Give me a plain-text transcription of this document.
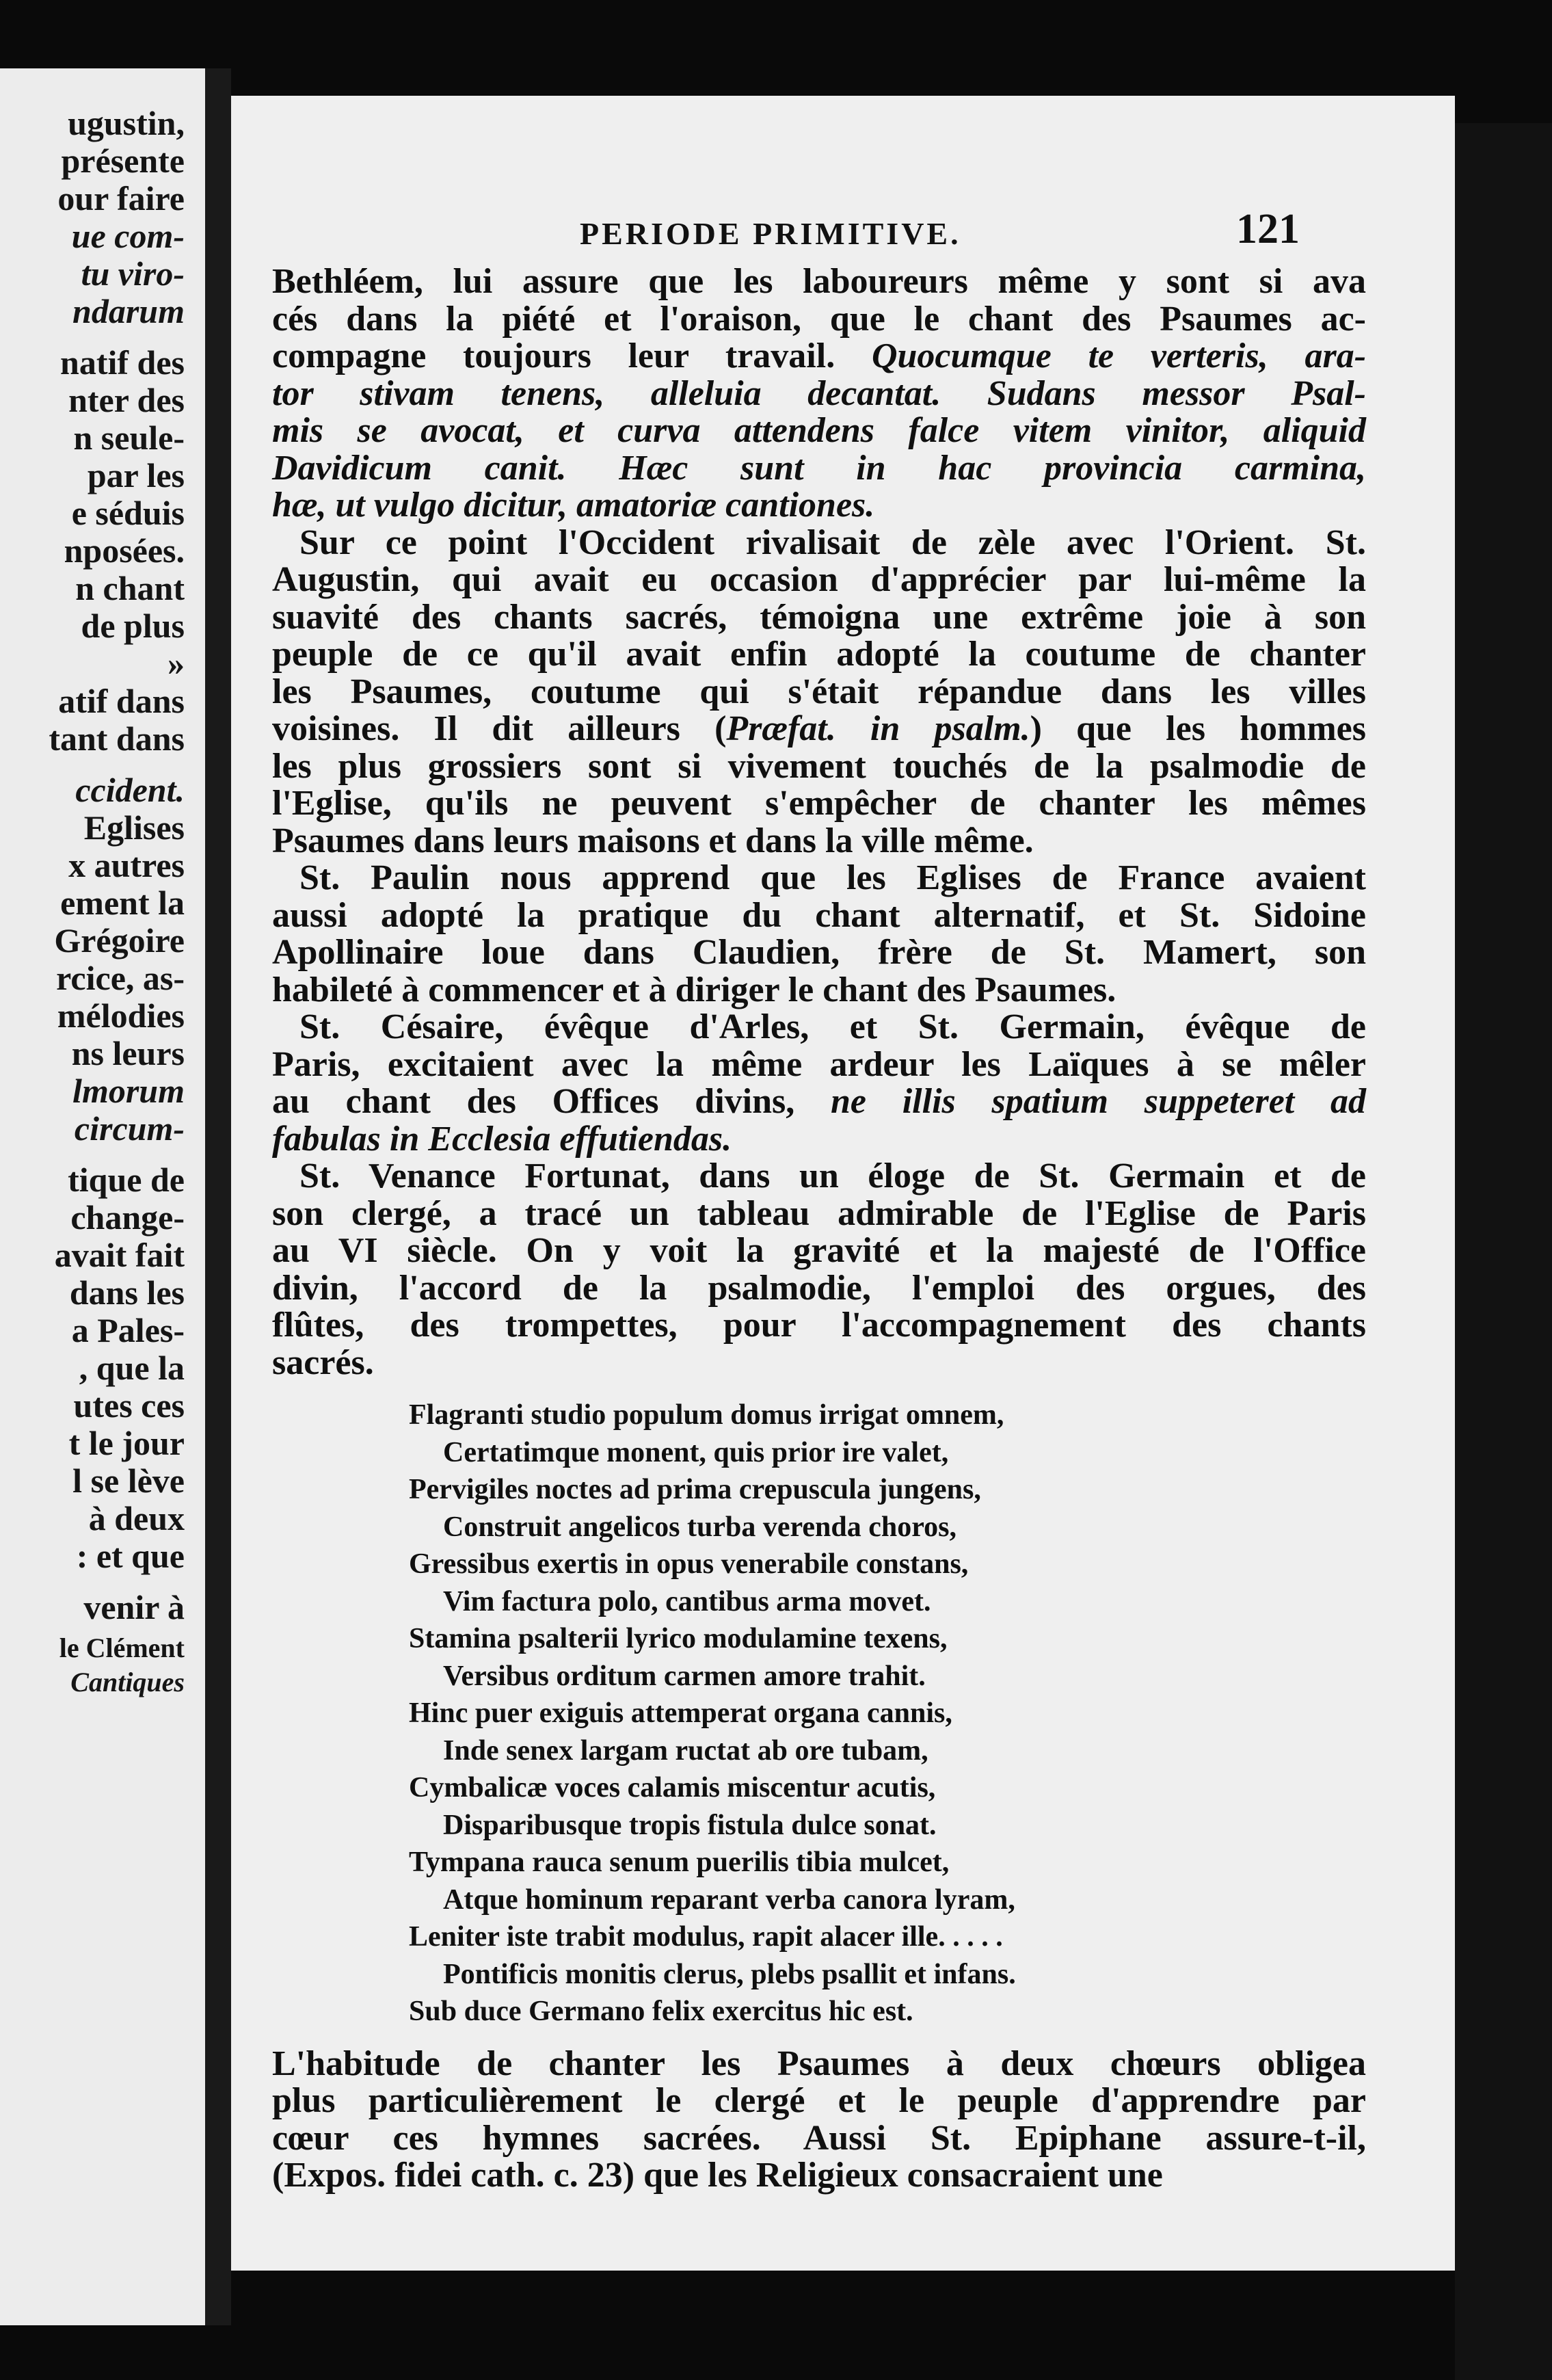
ugustin,
présente
our faire
ue com-
tu viro-
ndarum
natif des
nter des
n seule-
par les
e séduis
nposées.
n chant
de plus
»
atif dans
tant dans
ccident.
Eglises
x autres
ement la
Grégoire
rcice, as-
mélodies
ns leurs
lmorum
circum-
tique de
change-
avait fait
dans les
a Pales-
, que la
utes ces
t le jour
l se lève
à deux
: et que
venir à
le Clément
Cantiques
PERIODE PRIMITIVE.	121
Bethléem, lui assure que les laboureurs même y sont si ava
cés dans la piété et l'oraison, que le chant des Psaumes ac-
compagne toujours leur travail. Quocumque te verteris, ara-
tor stivam tenens, alleluia decantat. Sudans messor Psal-
mis se avocat, et curva attendens falce vitem vinitor, aliquid
Davidicum canit. Hæc sunt in hac provincia carmina,
hæ, ut vulgo dicitur, amatoriæ cantiones.
Sur ce point l'Occident rivalisait de zèle avec l'Orient. St.
Augustin, qui avait eu occasion d'apprécier par lui-même la
suavité des chants sacrés, témoigna une extrême joie à son
peuple de ce qu'il avait enfin adopté la coutume de chanter
les Psaumes, coutume qui s'était répandue dans les villes
voisines. Il dit ailleurs (Præfat. in psalm.) que les hommes
les plus grossiers sont si vivement touchés de la psalmodie de
l'Eglise, qu'ils ne peuvent s'empêcher de chanter les mêmes
Psaumes dans leurs maisons et dans la ville même.
St. Paulin nous apprend que les Eglises de France avaient
aussi adopté la pratique du chant alternatif, et St. Sidoine
Apollinaire loue dans Claudien, frère de St. Mamert, son
habileté à commencer et à diriger le chant des Psaumes.
St. Césaire, évêque d'Arles, et St. Germain, évêque de
Paris, excitaient avec la même ardeur les Laïques à se mêler
au chant des Offices divins, ne illis spatium suppeteret ad
fabulas in Ecclesia effutiendas.
St. Venance Fortunat, dans un éloge de St. Germain et de
son clergé, a tracé un tableau admirable de l'Eglise de Paris
au VI siècle. On y voit la gravité et la majesté de l'Office
divin, l'accord de la psalmodie, l'emploi des orgues, des
flûtes, des trompettes, pour l'accompagnement des chants
sacrés.
Flagranti studio populum domus irrigat omnem,
Certatimque monent, quis prior ire valet,
Pervigiles noctes ad prima crepuscula jungens,
Construit angelicos turba verenda choros,
Gressibus exertis in opus venerabile constans,
Vim factura polo, cantibus arma movet.
Stamina psalterii lyrico modulamine texens,
Versibus orditum carmen amore trahit.
Hinc puer exiguis attemperat organa cannis,
Inde senex largam ructat ab ore tubam,
Cymbalicæ voces calamis miscentur acutis,
Disparibusque tropis fistula dulce sonat.
Tympana rauca senum puerilis tibia mulcet,
Atque hominum reparant verba canora lyram,
Leniter iste trabit modulus, rapit alacer ille. . . . .
Pontificis monitis clerus, plebs psallit et infans.
Sub duce Germano felix exercitus hic est.
L'habitude de chanter les Psaumes à deux chœurs obligea
plus particulièrement le clergé et le peuple d'apprendre par
cœur ces hymnes sacrées. Aussi St. Epiphane assure-t-il,
(Expos. fidei cath. c. 23) que les Religieux consacraient une
